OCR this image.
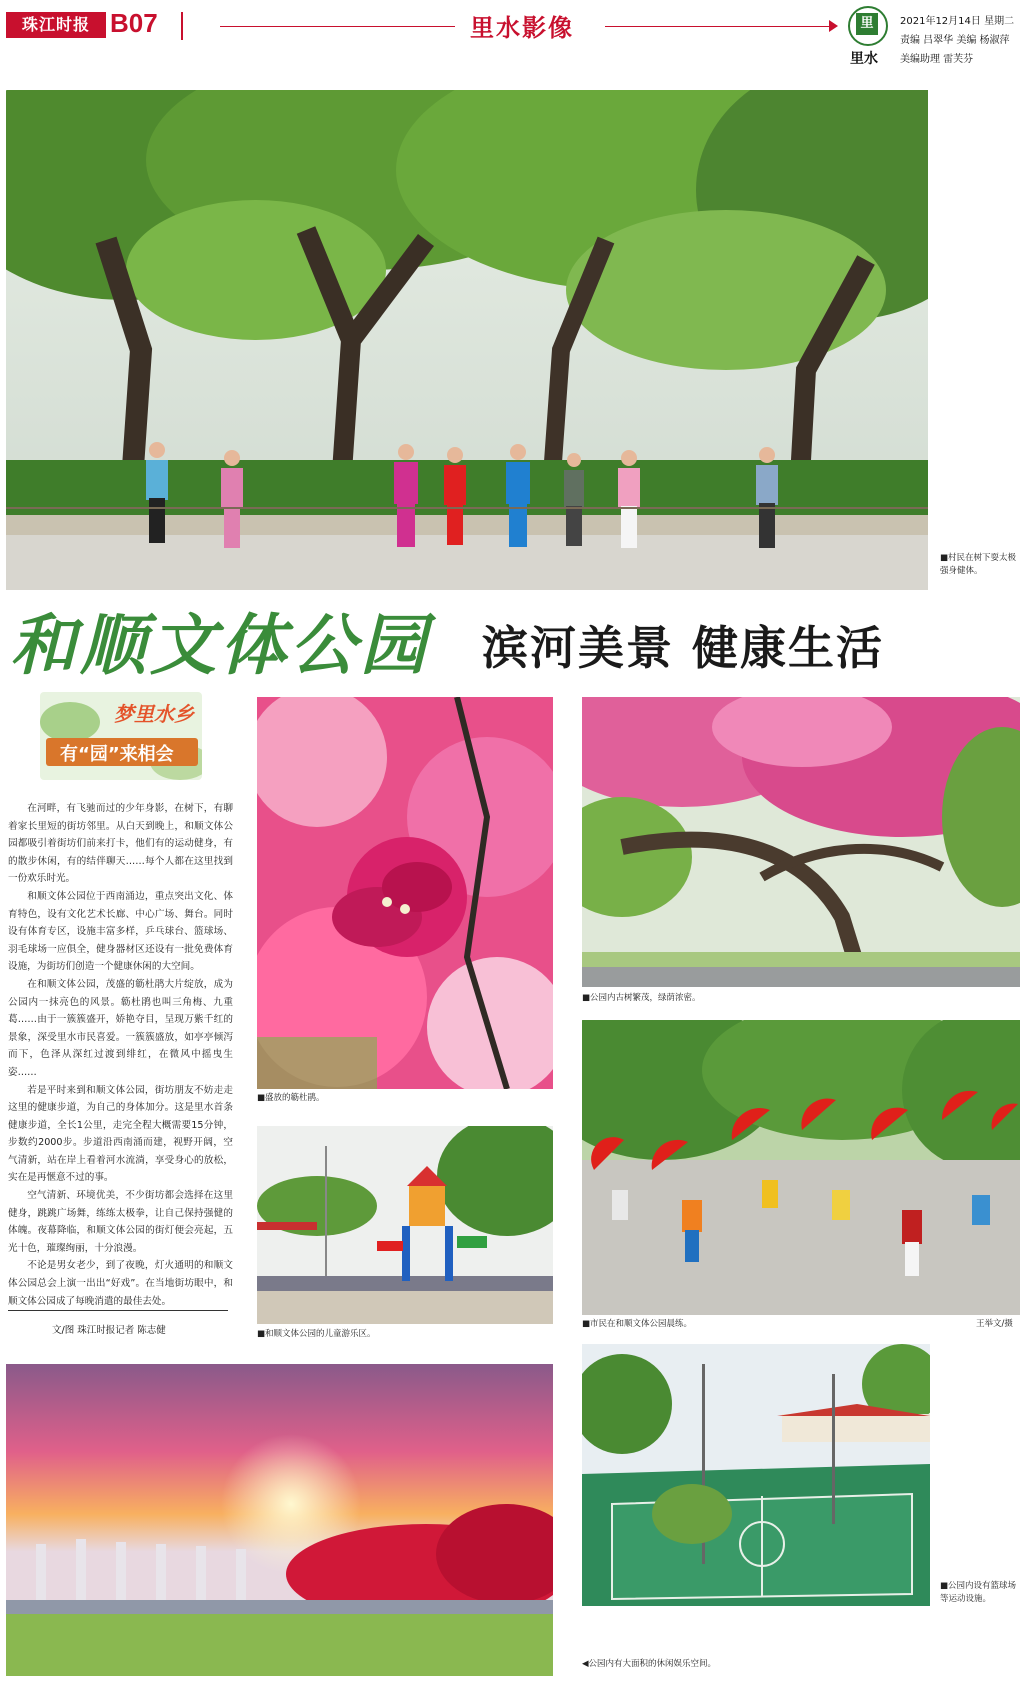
珠江时报 B07	里水影像	里
里水
2021年12月14日 星期二
责编 吕翠华 美编 杨淑萍
美编助理 雷芙芬
■村民在树下耍太极强身健体。
和顺文体公园 滨河美景 健康生活
梦里水乡
有“园”来相会

在河畔，有飞驰而过的少年身影，在树下，有聊着家长里短的街坊邻里。从白天到晚上，和顺文体公园都吸引着街坊们前来打卡，他们有的运动健身，有的散步休闲，有的结伴聊天……每个人都在这里找到一份欢乐时光。

和顺文体公园位于西南涌边，重点突出文化、体育特色，设有文化艺术长廊、中心广场、舞台。同时设有体育专区，设施丰富多样，乒乓球台、篮球场、羽毛球场一应俱全，健身器材区还设有一批免费体育设施，为街坊们创造一个健康休闲的大空间。

在和顺文体公园，茂盛的簕杜鹃大片绽放，成为公园内一抹亮色的风景。簕杜鹃也叫三角梅、九重葛……由于一簇簇盛开，娇艳夺目，呈现万紫千红的景象，深受里水市民喜爱。一簇簇盛放，如亭亭倾泻而下，色泽从深红过渡到绯红，在微风中摇曳生姿……

若是平时来到和顺文体公园，街坊朋友不妨走走这里的健康步道，为自己的身体加分。这是里水首条健康步道，全长1公里，走完全程大概需要15分钟，步数约2000步。步道沿西南涌而建，视野开阔，空气清新，站在岸上看着河水流淌，享受身心的放松，实在是再惬意不过的事。

空气清新、环境优美，不少街坊都会选择在这里健身，跳跳广场舞，练练太极拳，让自己保持强健的体魄。夜幕降临，和顺文体公园的街灯便会亮起，五光十色，璀璨绚丽，十分浪漫。

不论是男女老少，到了夜晚，灯火通明的和顺文体公园总会上演一出出“好戏”。在当地街坊眼中，和顺文体公园成了每晚消遣的最佳去处。

文/图 珠江时报记者 陈志健
■盛放的簕杜鹃。
■公园内古树繁茂，绿荫浓密。
■市民在和顺文体公园晨练。	王举文/摄
■和顺文体公园的儿童游乐区。
■公园内设有篮球场等运动设施。
◀公园内有大面积的休闲娱乐空间。
